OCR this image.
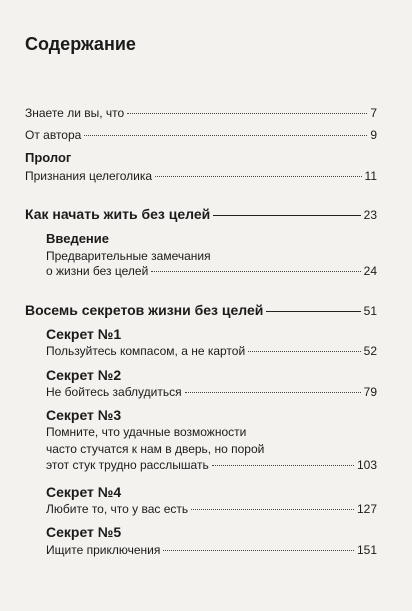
Содержание
Знаете ли вы, что	7
От автора	9
Пролог
Признания целеголика	11
Как начать жить без целей	23
Введение
Предварительные замечания
о жизни без целей	24
Восемь секретов жизни без целей	51
Секрет №1
Пользуйтесь компасом, а не картой	52
Секрет №2
Не бойтесь заблудиться	79
Секрет №3
Помните, что удачные возможности
часто стучатся к нам в дверь, но порой
этот стук трудно расслышать	103
Секрет №4
Любите то, что у вас есть	127
Секрет №5
Ищите приключения	151
